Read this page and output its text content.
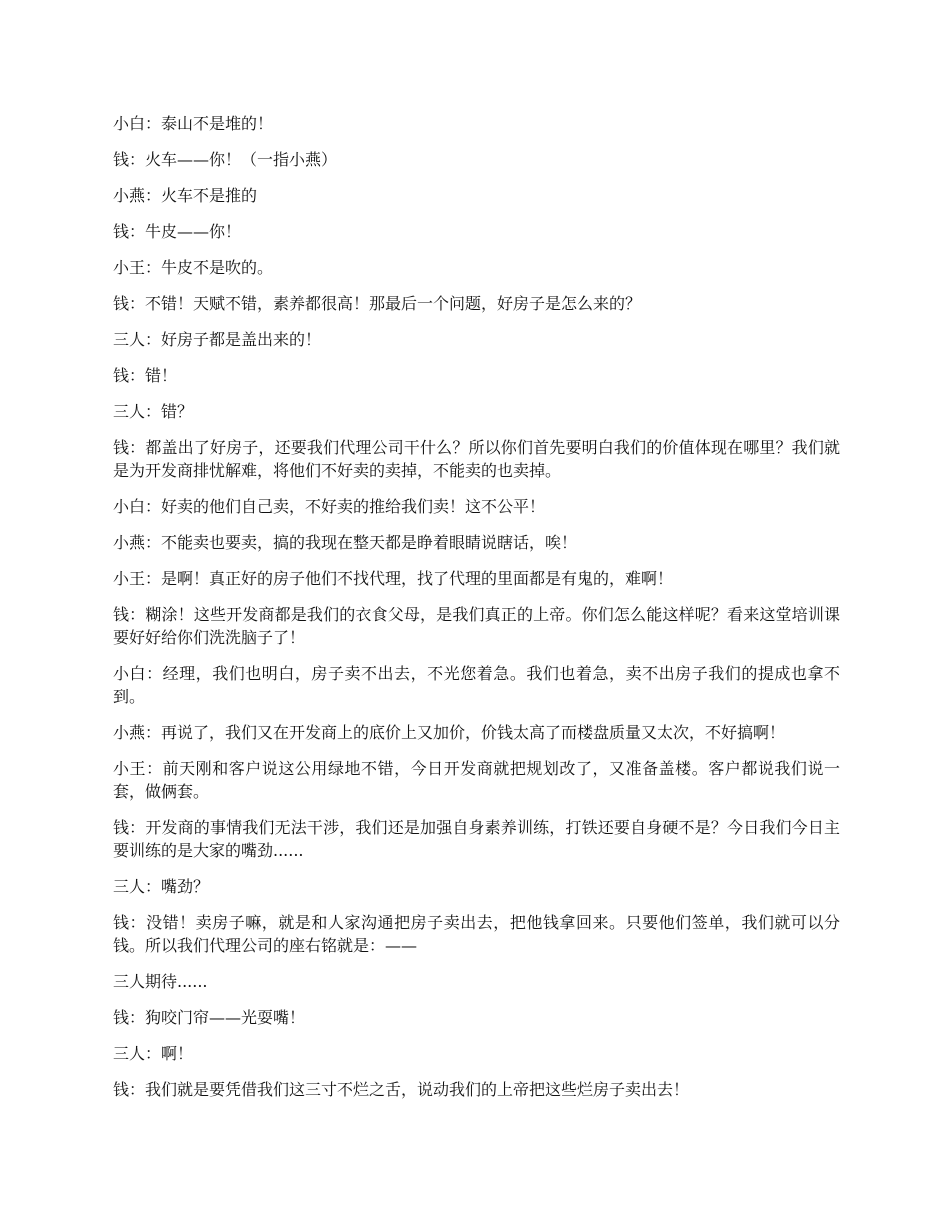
小白：泰山不是堆的！

钱：火车——你！（一指小燕）

小燕：火车不是推的

钱：牛皮——你！

小王：牛皮不是吹的。

钱：不错！天赋不错，素养都很高！那最后一个问题，好房子是怎么来的？

三人：好房子都是盖出来的！

钱：错！

三人：错？

钱：都盖出了好房子，还要我们代理公司干什么？所以你们首先要明白我们的价值体现在哪里？我们就是为开发商排忧解难，将他们不好卖的卖掉，不能卖的也卖掉。

小白：好卖的他们自己卖，不好卖的推给我们卖！这不公平！

小燕：不能卖也要卖，搞的我现在整天都是睁着眼睛说瞎话，唉！

小王：是啊！真正好的房子他们不找代理，找了代理的里面都是有鬼的，难啊！

钱：糊涂！这些开发商都是我们的衣食父母，是我们真正的上帝。你们怎么能这样呢？看来这堂培训课要好好给你们洗洗脑子了！

小白：经理，我们也明白，房子卖不出去，不光您着急。我们也着急，卖不出房子我们的提成也拿不到。

小燕：再说了，我们又在开发商上的底价上又加价，价钱太高了而楼盘质量又太次，不好搞啊！

小王：前天刚和客户说这公用绿地不错，今日开发商就把规划改了，又准备盖楼。客户都说我们说一套，做俩套。

钱：开发商的事情我们无法干涉，我们还是加强自身素养训练，打铁还要自身硬不是？今日我们今日主要训练的是大家的嘴劲......

三人：嘴劲？

钱：没错！卖房子嘛，就是和人家沟通把房子卖出去，把他钱拿回来。只要他们签单，我们就可以分钱。所以我们代理公司的座右铭就是：——

三人期待......

钱：狗咬门帘——光耍嘴！

三人：啊！

钱：我们就是要凭借我们这三寸不烂之舌，说动我们的上帝把这些烂房子卖出去！
